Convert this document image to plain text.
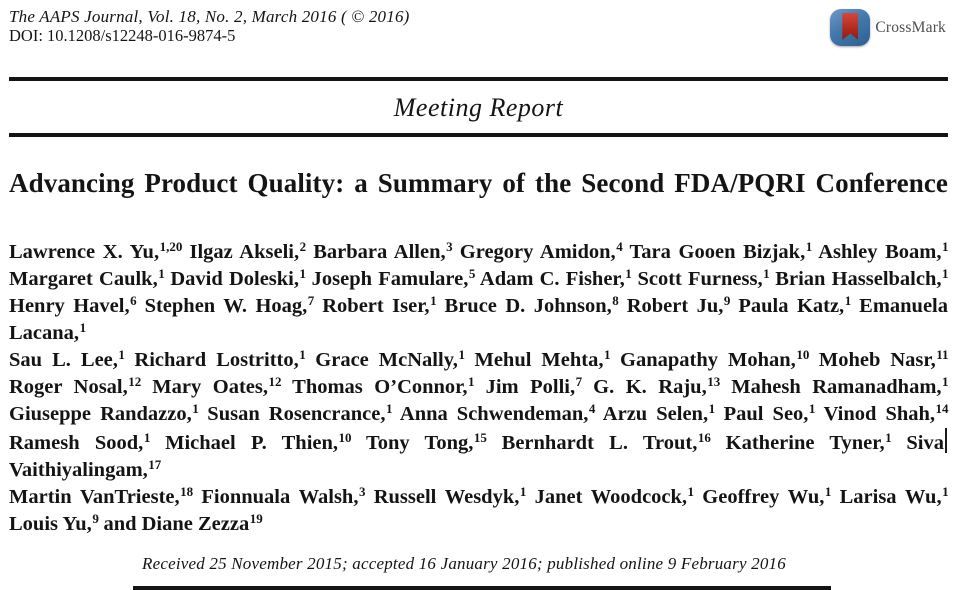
The AAPS Journal, Vol. 18, No. 2, March 2016 ( © 2016)
DOI: 10.1208/s12248-016-9874-5	CrossMark
Meeting Report
Advancing Product Quality: a Summary of the Second FDA/PQRI Conference
Lawrence X. Yu,$^{1,20}$ Ilgaz Akseli,$^2$ Barbara Allen,$^3$ Gregory Amidon,$^4$ Tara Gooen Bizjak,$^1$ Ashley Boam,$^1$
Margaret Caulk,$^1$ David Doleski,$^1$ Joseph Famulare,$^5$ Adam C. Fisher,$^1$ Scott Furness,$^1$ Brian Hasselbalch,$^1$
Henry Havel,$^6$ Stephen W. Hoag,$^7$ Robert Iser,$^1$ Bruce D. Johnson,$^8$ Robert Ju,$^9$ Paula Katz,$^1$ Emanuela Lacana,$^1$
Sau L. Lee,$^1$ Richard Lostritto,$^1$ Grace McNally,$^1$ Mehul Mehta,$^1$ Ganapathy Mohan,$^{10}$ Moheb Nasr,$^{11}$
Roger Nosal,$^{12}$ Mary Oates,$^{12}$ Thomas O’Connor,$^1$ Jim Polli,$^7$ G. K. Raju,$^{13}$ Mahesh Ramanadham,$^1$
Giuseppe Randazzo,$^1$ Susan Rosencrance,$^1$ Anna Schwendeman,$^4$ Arzu Selen,$^1$ Paul Seo,$^1$ Vinod Shah,$^{14}$
Ramesh Sood,$^1$ Michael P. Thien,$^{10}$ Tony Tong,$^{15}$ Bernhardt L. Trout,$^{16}$ Katherine Tyner,$^1$ SivaVaithiyalingam,$^{17}$
Martin VanTrieste,$^{18}$ Fionnuala Walsh,$^3$ Russell Wesdyk,$^1$ Janet Woodcock,$^1$ Geoffrey Wu,$^1$ Larisa Wu,$^1$
Louis Yu,$^9$ and Diane Zezza$^{19}$
Received 25 November 2015; accepted 16 January 2016; published online 9 February 2016
